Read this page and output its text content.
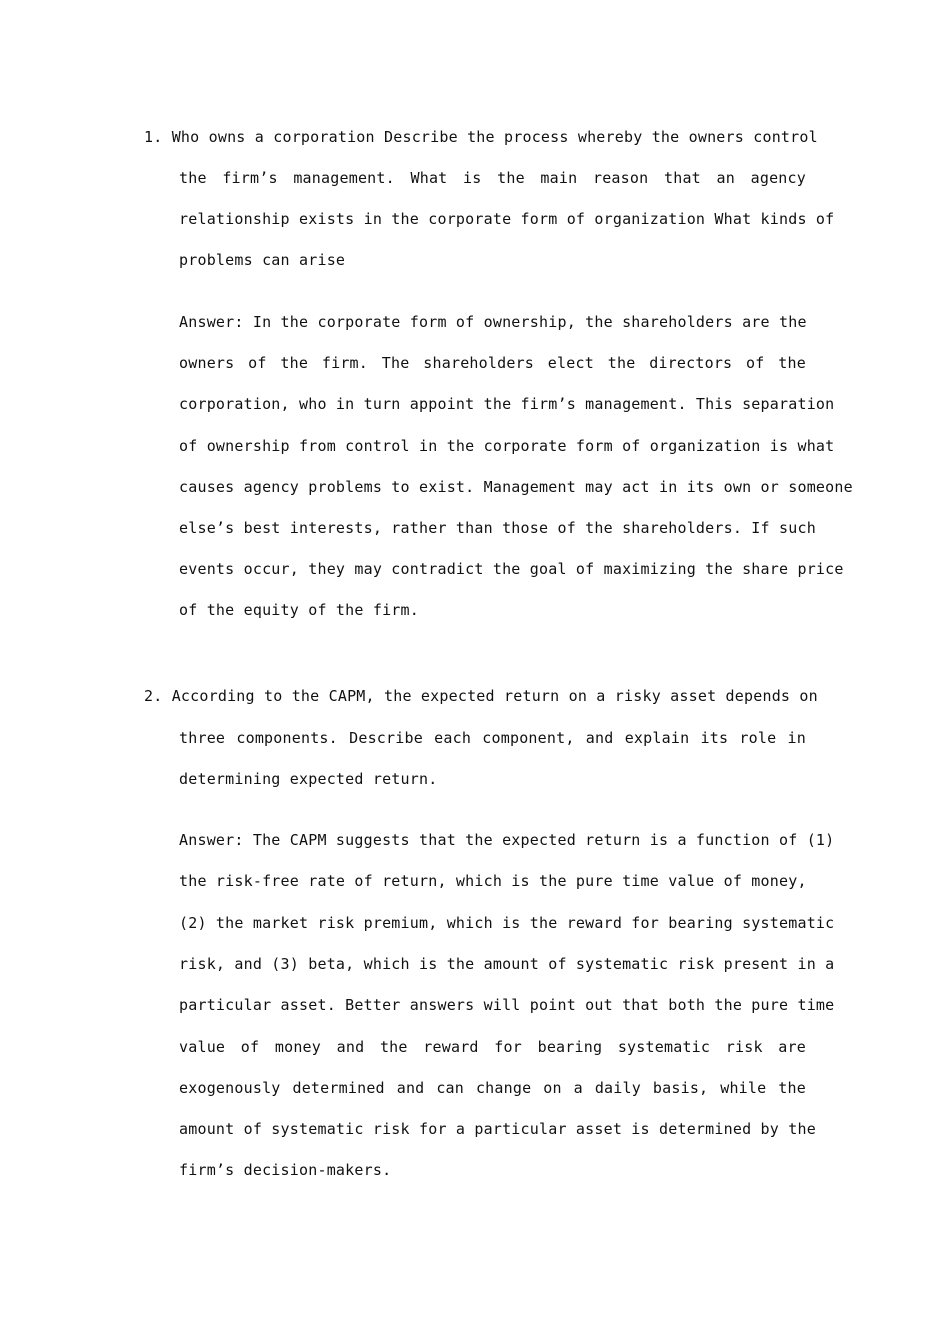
1. Who owns a corporation Describe the process whereby the owners control
the firm’s management. What is the main reason that an agency
relationship exists in the corporate form of organization What kinds of
problems can arise
Answer: In the corporate form of ownership, the shareholders are the
owners of the firm. The shareholders elect the directors of the
corporation, who in turn appoint the firm’s management. This separation
of ownership from control in the corporate form of organization is what
causes agency problems to exist. Management may act in its own or someone
else’s best interests, rather than those of the shareholders. If such
events occur, they may contradict the goal of maximizing the share price
of the equity of the firm.
2. According to the CAPM, the expected return on a risky asset depends on
three components. Describe each component, and explain its role in
determining expected return.
Answer: The CAPM suggests that the expected return is a function of (1)
the risk-free rate of return, which is the pure time value of money,
(2) the market risk premium, which is the reward for bearing systematic
risk, and (3) beta, which is the amount of systematic risk present in a
particular asset. Better answers will point out that both the pure time
value of money and the reward for bearing systematic risk are
exogenously determined and can change on a daily basis, while the
amount of systematic risk for a particular asset is determined by the
firm’s decision-makers.
